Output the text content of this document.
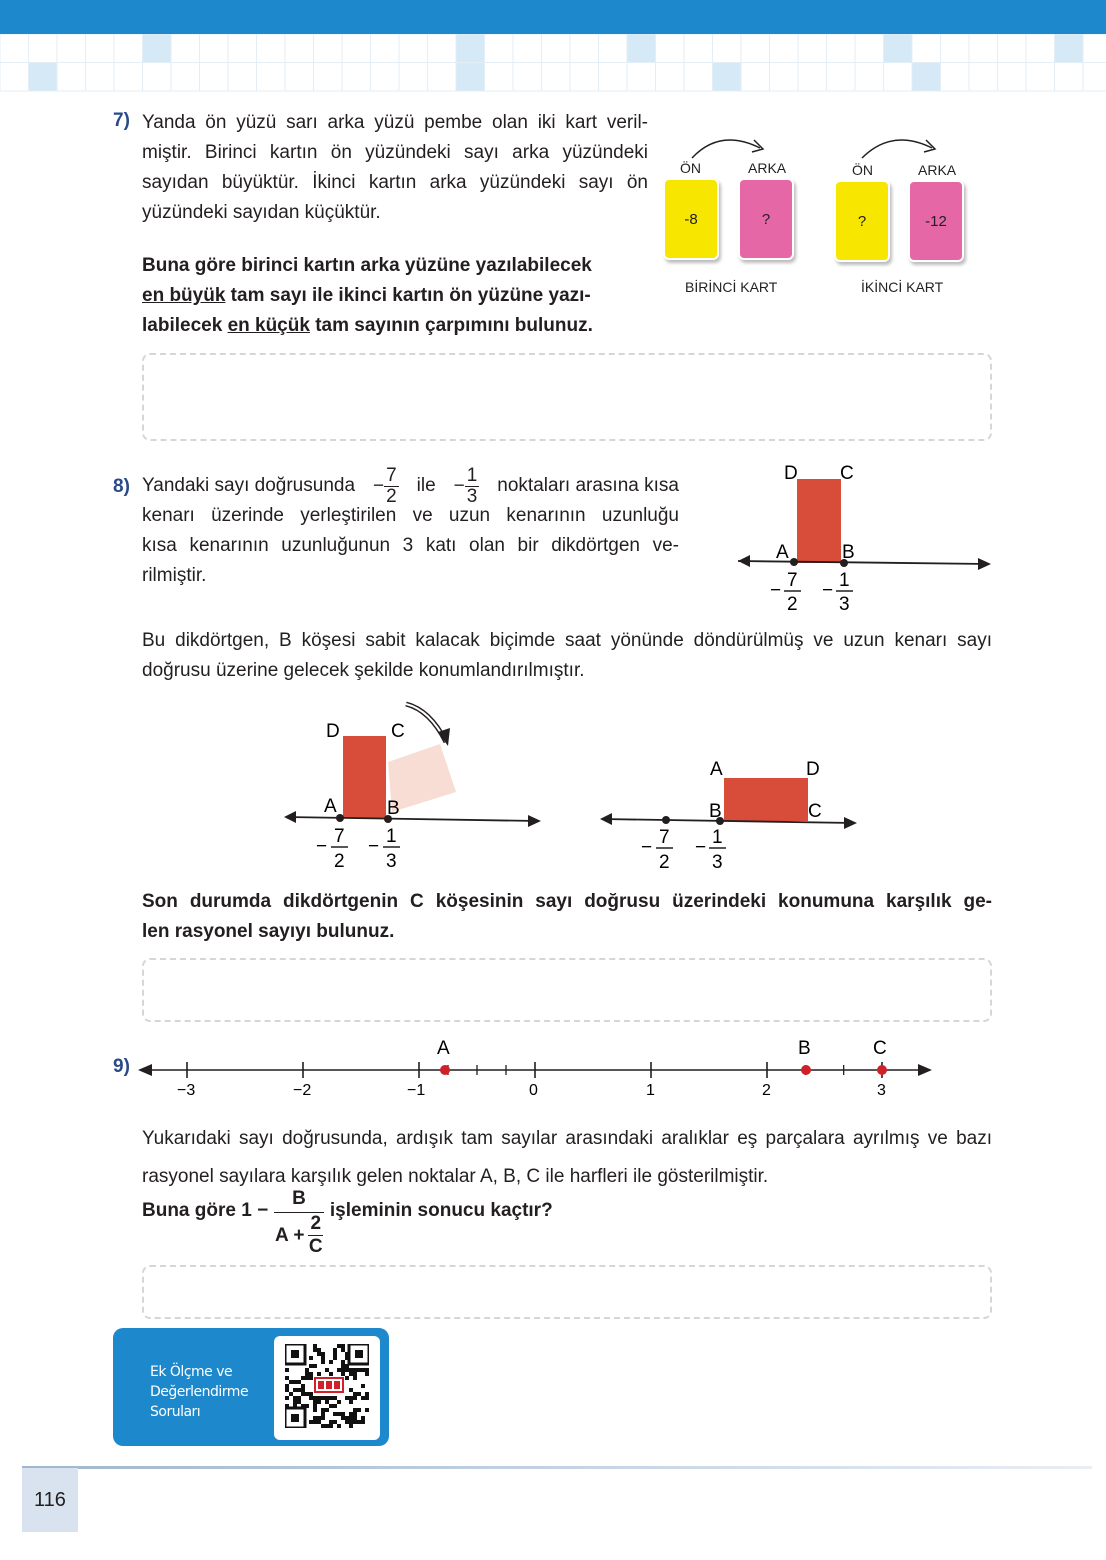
7) Yanda ön yüzü sarı arka yüzü pembe olan iki kart veril-
miştir. Birinci kartın ön yüzündeki sayı arka yüzündeki
sayıdan büyüktür. İkinci kartın arka yüzündeki sayı ön
yüzündeki sayıdan küçüktür.
Buna göre birinci kartın arka yüzüne yazılabilecek
en büyük tam sayı ile ikinci kartın ön yüzüne yazı-
labilecek en küçük tam sayının çarpımını bulunuz.
ÖN	ARKA	ÖN	ARKA
-8	?	?	-12
BİRİNCİ KART	İKİNCİ KART
8) Yandaki sayı doğrusunda − $\frac{7}{2}$ ile − $\frac{1}{3}$ noktaları arasına kısa
kenarı üzerinde yerleştirilen ve uzun kenarının uzunluğu
kısa kenarının uzunluğunun 3 katı olan bir dikdörtgen ve-
rilmiştir.
D C
A	B
− 7
2
− 1
3
Bu dikdörtgen, B köşesi sabit kalacak biçimde saat yönünde döndürülmüş ve uzun kenarı sayı
doğrusu üzerine gelecek şekilde konumlandırılmıştır.
D	C
A	B
− 7
2
− 1
3
A	D
B	C
− 7
2
− 1
3
Son durumda dikdörtgenin C köşesinin sayı doğrusu üzerindeki konumuna karşılık ge-
len rasyonel sayıyı bulunuz.
9)
−3	−2	−1	0	1	2	3
A	B	C
Yukarıdaki sayı doğrusunda, ardışık tam sayılar arasındaki aralıklar eş parçalara ayrılmış ve bazı
rasyonel sayılara karşılık gelen noktalar A, B, C ile harfleri ile gösterilmiştir.
Buna göre $1 - \frac{B}{A + \frac{2}{C}}$ işleminin sonucu kaçtır?
Ek Ölçme ve
Değerlendirme
Soruları
116
